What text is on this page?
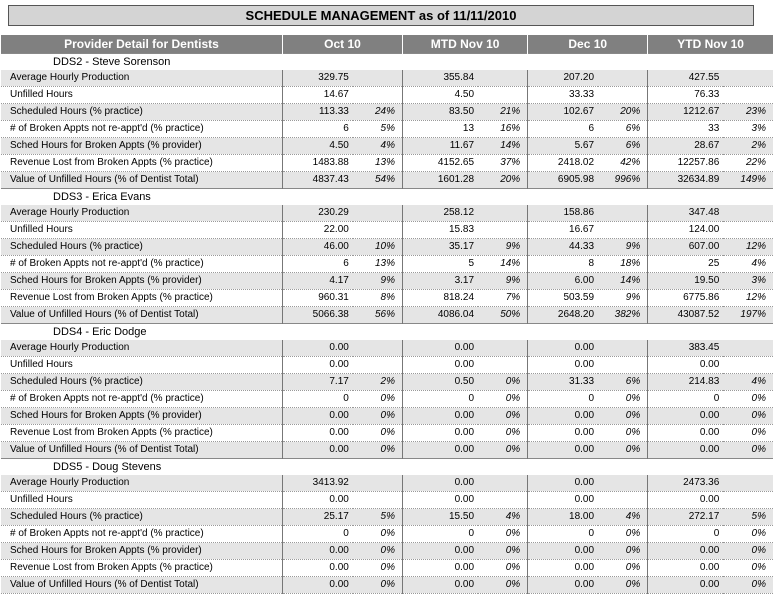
SCHEDULE MANAGEMENT as of 11/11/2010
Provider Detail for Dentists	Oct 10		MTD Nov 10		Dec 10		YTD Nov 10	
DDS2 - Steve Sorenson								
Average Hourly Production	329.75		355.84		207.20		427.55	
Unfilled Hours	14.67		4.50		33.33		76.33	
Scheduled Hours (% practice)	113.33	24%	83.50	21%	102.67	20%	1212.67	23%
# of Broken Appts not re-appt'd (% practice)	6	5%	13	16%	6	6%	33	3%
Sched Hours for Broken Appts (% provider)	4.50	4%	11.67	14%	5.67	6%	28.67	2%
Revenue Lost from Broken Appts (% practice)	1483.88	13%	4152.65	37%	2418.02	42%	12257.86	22%
Value of Unfilled Hours (% of Dentist Total)	4837.43	54%	1601.28	20%	6905.98	996%	32634.89	149%
DDS3 - Erica Evans								
Average Hourly Production	230.29		258.12		158.86		347.48	
Unfilled Hours	22.00		15.83		16.67		124.00	
Scheduled Hours (% practice)	46.00	10%	35.17	9%	44.33	9%	607.00	12%
# of Broken Appts not re-appt'd (% practice)	6	13%	5	14%	8	18%	25	4%
Sched Hours for Broken Appts (% provider)	4.17	9%	3.17	9%	6.00	14%	19.50	3%
Revenue Lost from Broken Appts (% practice)	960.31	8%	818.24	7%	503.59	9%	6775.86	12%
Value of Unfilled Hours (% of Dentist Total)	5066.38	56%	4086.04	50%	2648.20	382%	43087.52	197%
DDS4 - Eric Dodge								
Average Hourly Production	0.00		0.00		0.00		383.45	
Unfilled Hours	0.00		0.00		0.00		0.00	
Scheduled Hours (% practice)	7.17	2%	0.50	0%	31.33	6%	214.83	4%
# of Broken Appts not re-appt'd (% practice)	0	0%	0	0%	0	0%	0	0%
Sched Hours for Broken Appts (% provider)	0.00	0%	0.00	0%	0.00	0%	0.00	0%
Revenue Lost from Broken Appts (% practice)	0.00	0%	0.00	0%	0.00	0%	0.00	0%
Value of Unfilled Hours (% of Dentist Total)	0.00	0%	0.00	0%	0.00	0%	0.00	0%
DDS5 - Doug Stevens								
Average Hourly Production	3413.92		0.00		0.00		2473.36	
Unfilled Hours	0.00		0.00		0.00		0.00	
Scheduled Hours (% practice)	25.17	5%	15.50	4%	18.00	4%	272.17	5%
# of Broken Appts not re-appt'd (% practice)	0	0%	0	0%	0	0%	0	0%
Sched Hours for Broken Appts (% provider)	0.00	0%	0.00	0%	0.00	0%	0.00	0%
Revenue Lost from Broken Appts (% practice)	0.00	0%	0.00	0%	0.00	0%	0.00	0%
Value of Unfilled Hours (% of Dentist Total)	0.00	0%	0.00	0%	0.00	0%	0.00	0%
